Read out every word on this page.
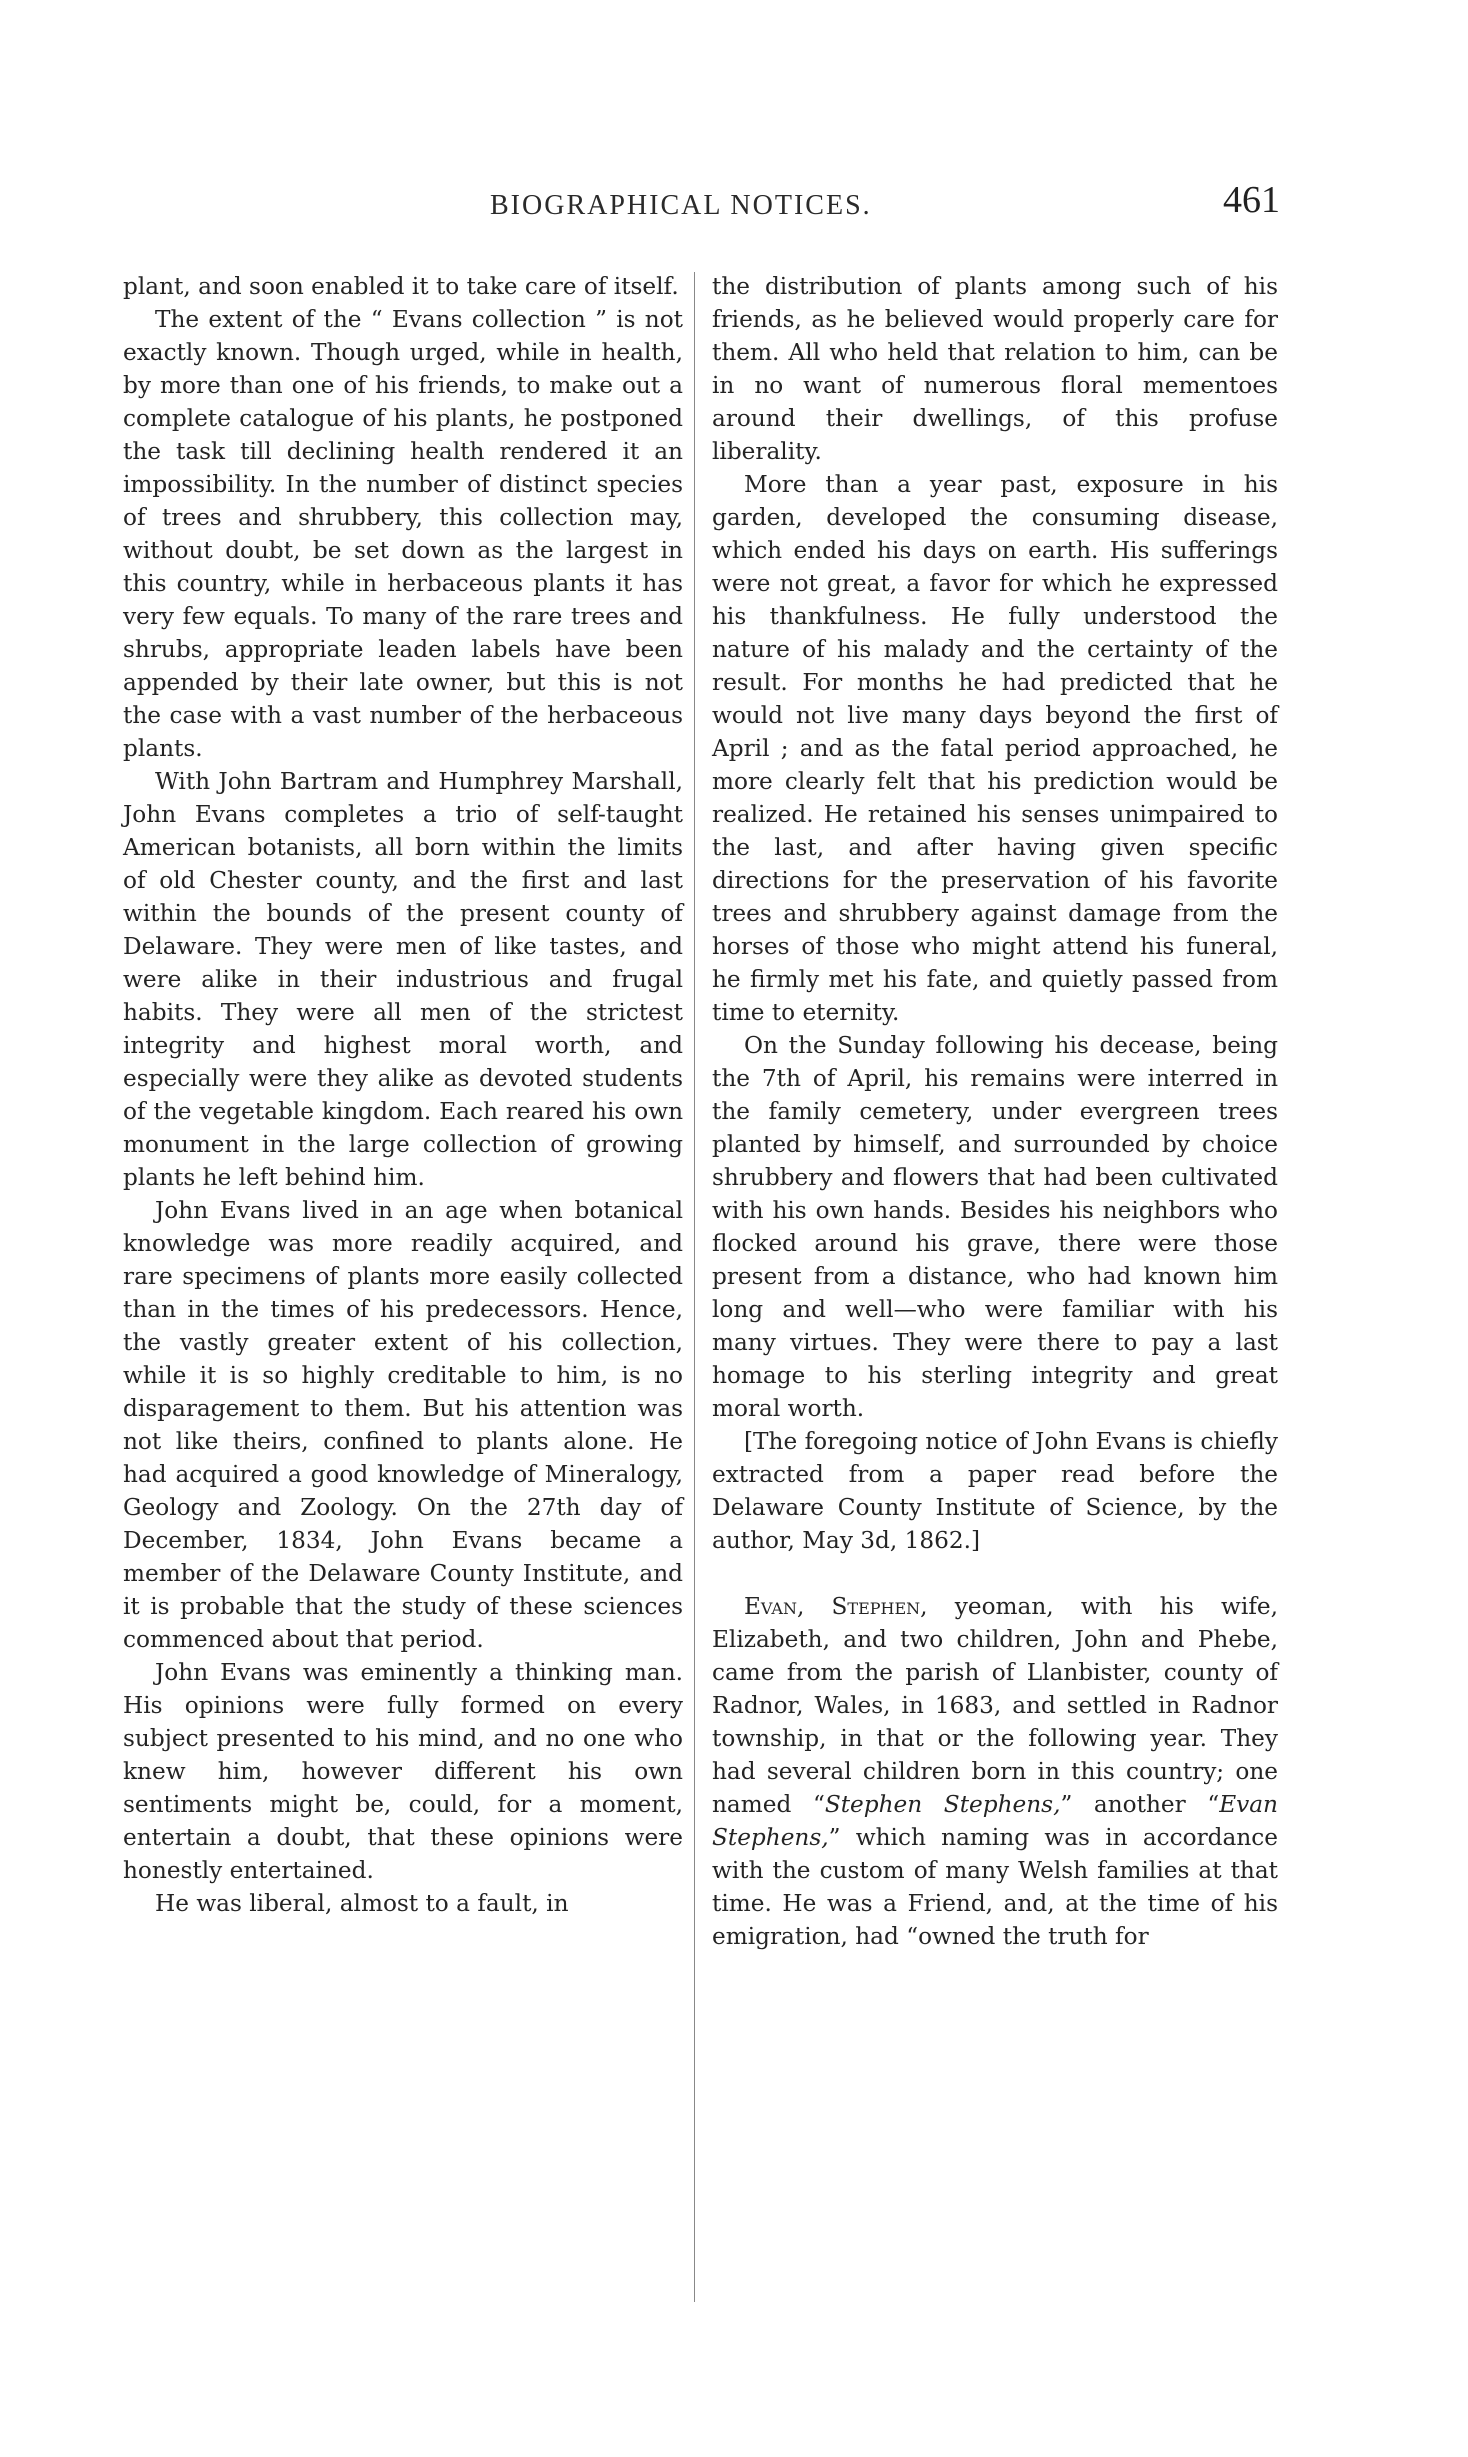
BIOGRAPHICAL NOTICES.	461

plant, and soon enabled it to take care of itself.

The extent of the “ Evans collection ” is not exactly known. Though urged, while in health, by more than one of his friends, to make out a complete catalogue of his plants, he postponed the task till declining health rendered it an impossibility. In the number of distinct species of trees and shrubbery, this collection may, without doubt, be set down as the largest in this country, while in herbaceous plants it has very few equals. To many of the rare trees and shrubs, appropriate leaden labels have been appended by their late owner, but this is not the case with a vast number of the herbaceous plants.

With John Bartram and Humphrey Marshall, John Evans completes a trio of self-taught American botanists, all born within the limits of old Chester county, and the first and last within the bounds of the present county of Delaware. They were men of like tastes, and were alike in their industrious and frugal habits. They were all men of the strictest integrity and highest moral worth, and especially were they alike as devoted students of the vegetable kingdom. Each reared his own monument in the large collection of growing plants he left behind him.

John Evans lived in an age when botanical knowledge was more readily acquired, and rare specimens of plants more easily collected than in the times of his predecessors. Hence, the vastly greater extent of his collection, while it is so highly creditable to him, is no disparagement to them. But his attention was not like theirs, confined to plants alone. He had acquired a good knowledge of Mineralogy, Geology and Zoology. On the 27th day of December, 1834, John Evans became a member of the Delaware County Institute, and it is probable that the study of these sciences commenced about that period.

John Evans was eminently a thinking man. His opinions were fully formed on every subject presented to his mind, and no one who knew him, however different his own sentiments might be, could, for a moment, entertain a doubt, that these opinions were honestly entertained.

He was liberal, almost to a fault, in

the distribution of plants among such of his friends, as he believed would properly care for them. All who held that relation to him, can be in no want of numerous floral mementoes around their dwellings, of this profuse liberality.

More than a year past, exposure in his garden, developed the consuming disease, which ended his days on earth. His sufferings were not great, a favor for which he expressed his thankfulness. He fully understood the nature of his malady and the certainty of the result. For months he had predicted that he would not live many days beyond the first of April ; and as the fatal period approached, he more clearly felt that his prediction would be realized. He retained his senses unimpaired to the last, and after having given specific directions for the preservation of his favorite trees and shrubbery against damage from the horses of those who might attend his funeral, he firmly met his fate, and quietly passed from time to eternity.

On the Sunday following his decease, being the 7th of April, his remains were interred in the family cemetery, under evergreen trees planted by himself, and surrounded by choice shrubbery and flowers that had been cultivated with his own hands. Besides his neighbors who flocked around his grave, there were those present from a distance, who had known him long and well—who were familiar with his many virtues. They were there to pay a last homage to his sterling integrity and great moral worth.

[The foregoing notice of John Evans is chiefly extracted from a paper read before the Delaware County Institute of Science, by the author, May 3d, 1862.]

Evan, Stephen, yeoman, with his wife, Elizabeth, and two children, John and Phebe, came from the parish of Llanbister, county of Radnor, Wales, in 1683, and settled in Radnor township, in that or the following year. They had several children born in this country; one named “Stephen Stephens,” another “Evan Stephens,” which naming was in accordance with the custom of many Welsh families at that time. He was a Friend, and, at the time of his emigration, had “owned the truth for
